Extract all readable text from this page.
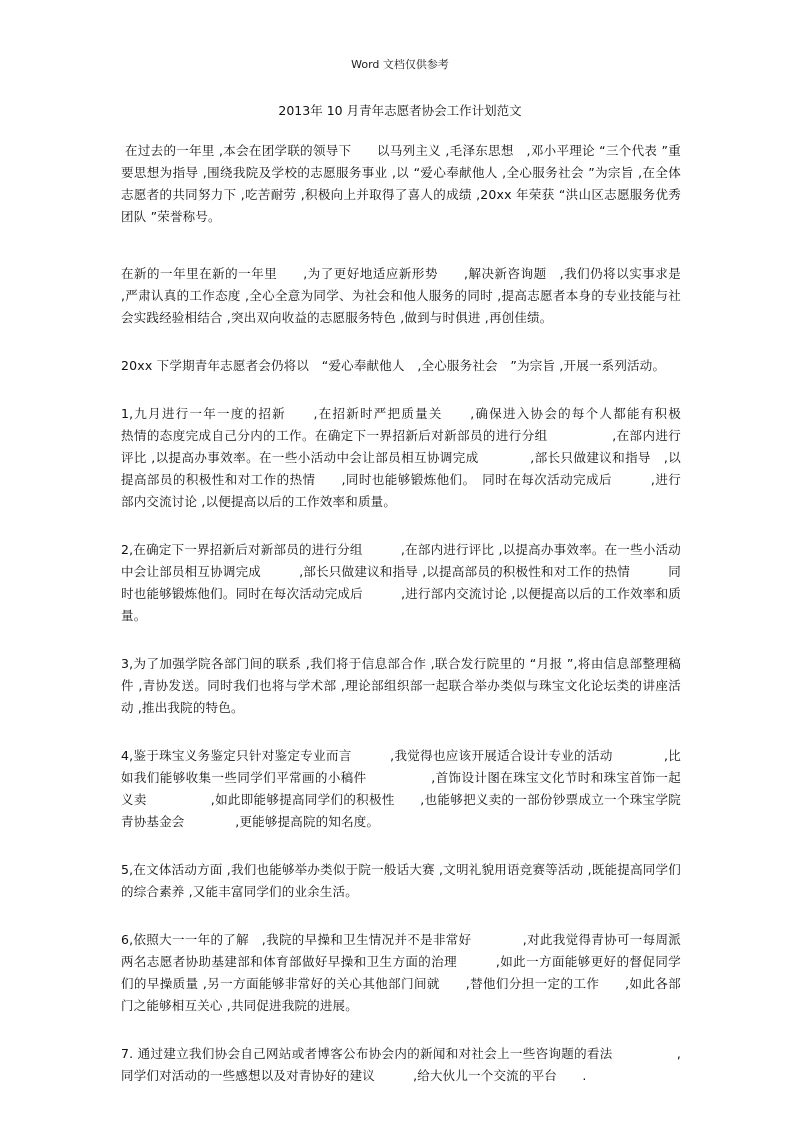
Word 文档仅供参考
2013年 10 月青年志愿者协会工作计划范文

在过去的一年里 ,本会在团学联的领导下　　以马列主义 ,毛泽东思想　,邓小平理论 “三个代表 ”重要思想为指导 ,围绕我院及学校的志愿服务事业 ,以 “爱心奉献他人 ,全心服务社会 ”为宗旨 ,在全体志愿者的共同努力下 ,吃苦耐劳 ,积极向上并取得了喜人的成绩 ,20xx 年荣获 “洪山区志愿服务优秀团队 ”荣誉称号。

在新的一年里在新的一年里　　,为了更好地适应新形势　　,解决新咨询题　,我们仍将以实事求是　　,严肃认真的工作态度 ,全心全意为同学、为社会和他人服务的同时 ,提高志愿者本身的专业技能与社会实践经验相结合 ,突出双向收益的志愿服务特色 ,做到与时俱进 ,再创佳绩。

20xx 下学期青年志愿者会仍将以　“爱心奉献他人　,全心服务社会　”为宗旨 ,开展一系列活动。

1,九月进行一年一度的招新　　,在招新时严把质量关　　,确保进入协会的每个人都能有积极　　　热情的态度完成自己分内的工作。在确定下一界招新后对新部员的进行分组　　　　　,在部内进行评比 ,以提高办事效率。在一些小活动中会让部员相互协调完成　　　　,部长只做建议和指导　,以提高部员的积极性和对工作的热情　　,同时也能够锻炼他们。　同时在每次活动完成后　　　,进行部内交流讨论 ,以便提高以后的工作效率和质量。

2,在确定下一界招新后对新部员的进行分组　　　,在部内进行评比 ,以提高办事效率。在一些小活动中会让部员相互协调完成　　　,部长只做建议和指导 ,以提高部员的积极性和对工作的热情　　　同时也能够锻炼他们。同时在每次活动完成后　　　,进行部内交流讨论 ,以便提高以后的工作效率和质量。

3,为了加强学院各部门间的联系 ,我们将于信息部合作 ,联合发行院里的 “月报 ”,将由信息部整理稿件 ,青协发送。同时我们也将与学术部 ,理论部组织部一起联合举办类似与珠宝文化论坛类的讲座活动 ,推出我院的特色。

4,鉴于珠宝义务鉴定只针对鉴定专业而言　　　,我觉得也应该开展适合设计专业的活动　　　　,比如我们能够收集一些同学们平常画的小稿件　　　　　,首饰设计图在珠宝文化节时和珠宝首饰一起义卖　　　　　,如此即能够提高同学们的积极性　　,也能够把义卖的一部份钞票成立一个珠宝学院青协基金会　　　　,更能够提高院的知名度。

5,在文体活动方面 ,我们也能够举办类似于院一般话大赛 ,文明礼貌用语竞赛等活动 ,既能提高同学们的综合素养 ,又能丰富同学们的业余生活。

6,依照大一一年的了解　,我院的早操和卫生情况并不是非常好　　　　,对此我觉得青协可一每周派两名志愿者协助基建部和体育部做好早操和卫生方面的治理　　　,如此一方面能够更好的督促同学们的早操质量 ,另一方面能够非常好的关心其他部门间就　　,替他们分担一定的工作　　,如此各部门之能够相互关心 ,共同促进我院的进展。

7. 通过建立我们协会自己网站或者博客公布协会内的新闻和对社会上一些咨询题的看法　　　　　,同学们对活动的一些感想以及对青协好的建议　　　,给大伙儿一个交流的平台　　.
